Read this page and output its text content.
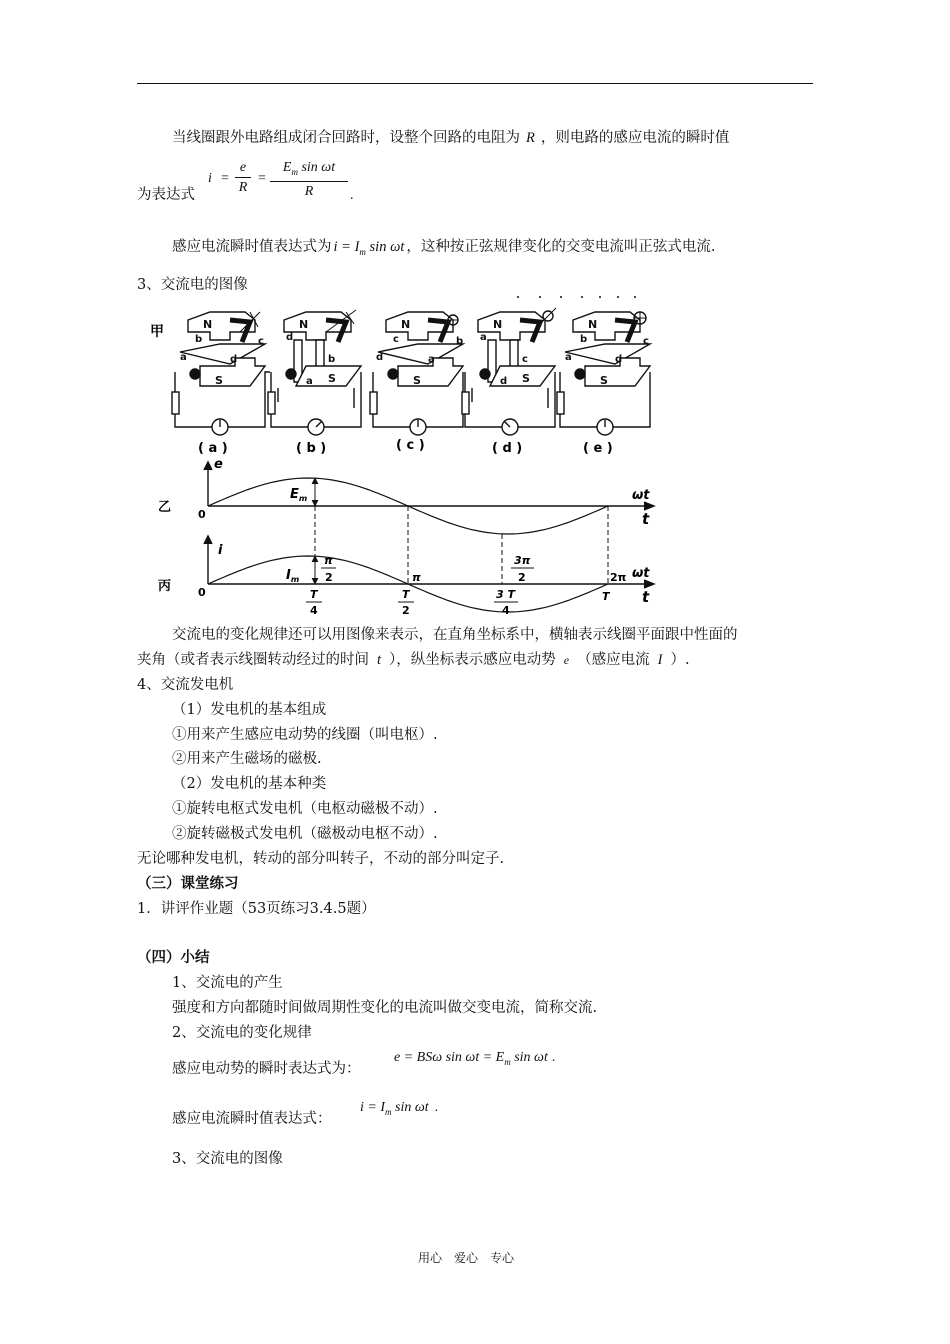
当线圈跟外电路组成闭合回路时，设整个回路的电阻为 R ，则电路的感应电流的瞬时值
为表达式
i =
e
R
=
$E_m$ sin ωt
R	.
感应电流瞬时值表达式为 $i = I_m$ sin ωt ，这种按正弦规律变化的交变电流叫正弦式电流.
3、交流电的图像
甲	N
S
a
b	c
d
( a )
N
S
d
b
a
( b )
N
S
d
c	b
a
( c )
N
S
a
c
d
( d )
N
S
a
b	c
d
( e )
乙 0
e
ωt
t
$E_m$
丙 0
i
ωt
t
$I_m$
π
2	π
3π
2	2π
T
4
T
2
3 T
4
T
交流电的变化规律还可以用图像来表示，在直角坐标系中，横轴表示线圈平面跟中性面的
夹角（或者表示线圈转动经过的时间 t ），纵坐标表示感应电动势 e （感应电流 I ）.
4、交流发电机
（1）发电机的基本组成
①用来产生感应电动势的线圈（叫电枢）.
②用来产生磁场的磁极.
（2）发电机的基本种类
①旋转电枢式发电机（电枢动磁极不动）.
②旋转磁极式发电机（磁极动电枢不动）.
无论哪种发电机，转动的部分叫转子，不动的部分叫定子.
（三）课堂练习
1．讲评作业题（53页练习3.4.5题）
（四）小结
1、交流电的产生
强度和方向都随时间做周期性变化的电流叫做交变电流，简称交流.
2、交流电的变化规律
感应电动势的瞬时表达式为：
e = BSω $\sin \omega t = E_m$ sin ωt .
感应电流瞬时值表达式：
$i = I_m$ sin ωt .
3、交流电的图像
用心　爱心　专心
